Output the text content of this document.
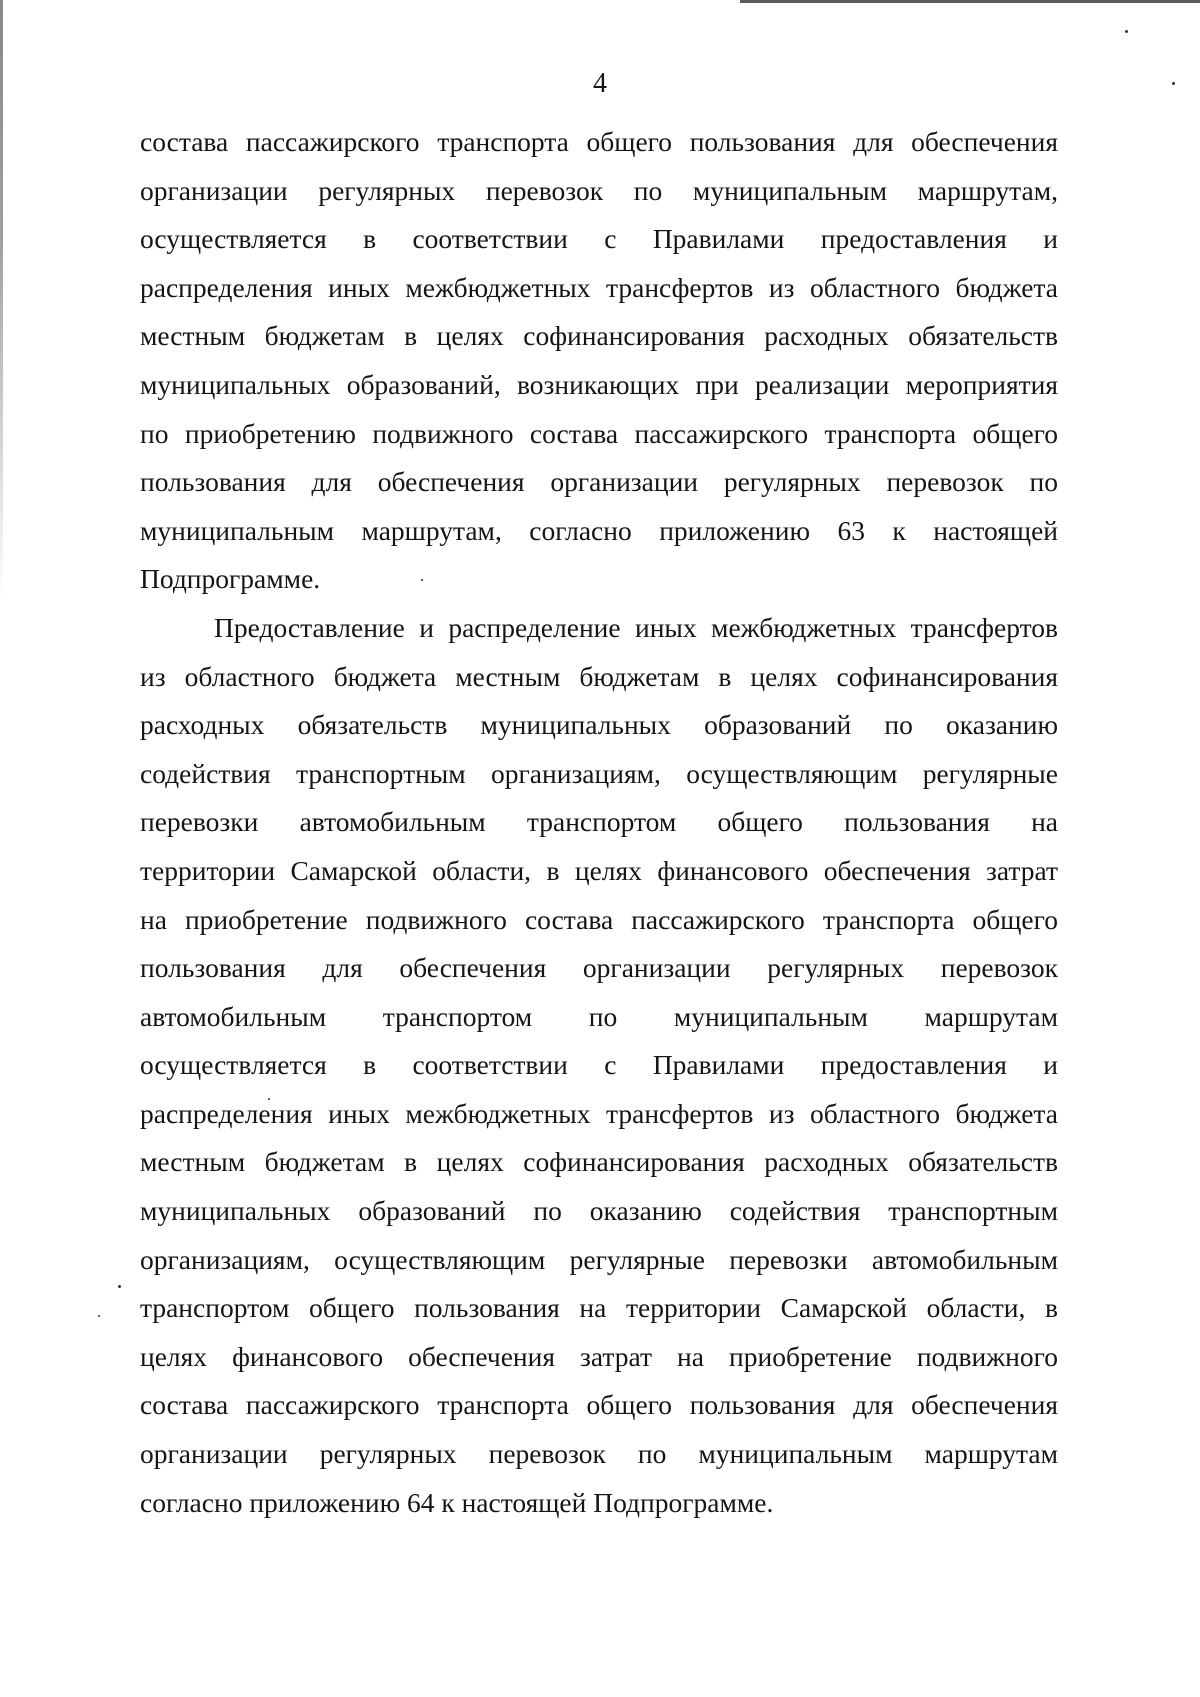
4
состава пассажирского транспорта общего пользования для обеспечения
организации регулярных перевозок по муниципальным маршрутам,
осуществляется в соответствии с Правилами предоставления и
распределения иных межбюджетных трансфертов из областного бюджета
местным бюджетам в целях софинансирования расходных обязательств
муниципальных образований, возникающих при реализации мероприятия
по приобретению подвижного состава пассажирского транспорта общего
пользования для обеспечения организации регулярных перевозок по
муниципальным маршрутам, согласно приложению 63 к настоящей
Подпрограмме.
Предоставление и распределение иных межбюджетных трансфертов
из областного бюджета местным бюджетам в целях софинансирования
расходных обязательств муниципальных образований по оказанию
содействия транспортным организациям, осуществляющим регулярные
перевозки автомобильным транспортом общего пользования на
территории Самарской области, в целях финансового обеспечения затрат
на приобретение подвижного состава пассажирского транспорта общего
пользования для обеспечения организации регулярных перевозок
автомобильным транспортом по муниципальным маршрутам
осуществляется в соответствии с Правилами предоставления и
распределения иных межбюджетных трансфертов из областного бюджета
местным бюджетам в целях софинансирования расходных обязательств
муниципальных образований по оказанию содействия транспортным
организациям, осуществляющим регулярные перевозки автомобильным
транспортом общего пользования на территории Самарской области, в
целях финансового обеспечения затрат на приобретение подвижного
состава пассажирского транспорта общего пользования для обеспечения
организации регулярных перевозок по муниципальным маршрутам
согласно приложению 64 к настоящей Подпрограмме.
